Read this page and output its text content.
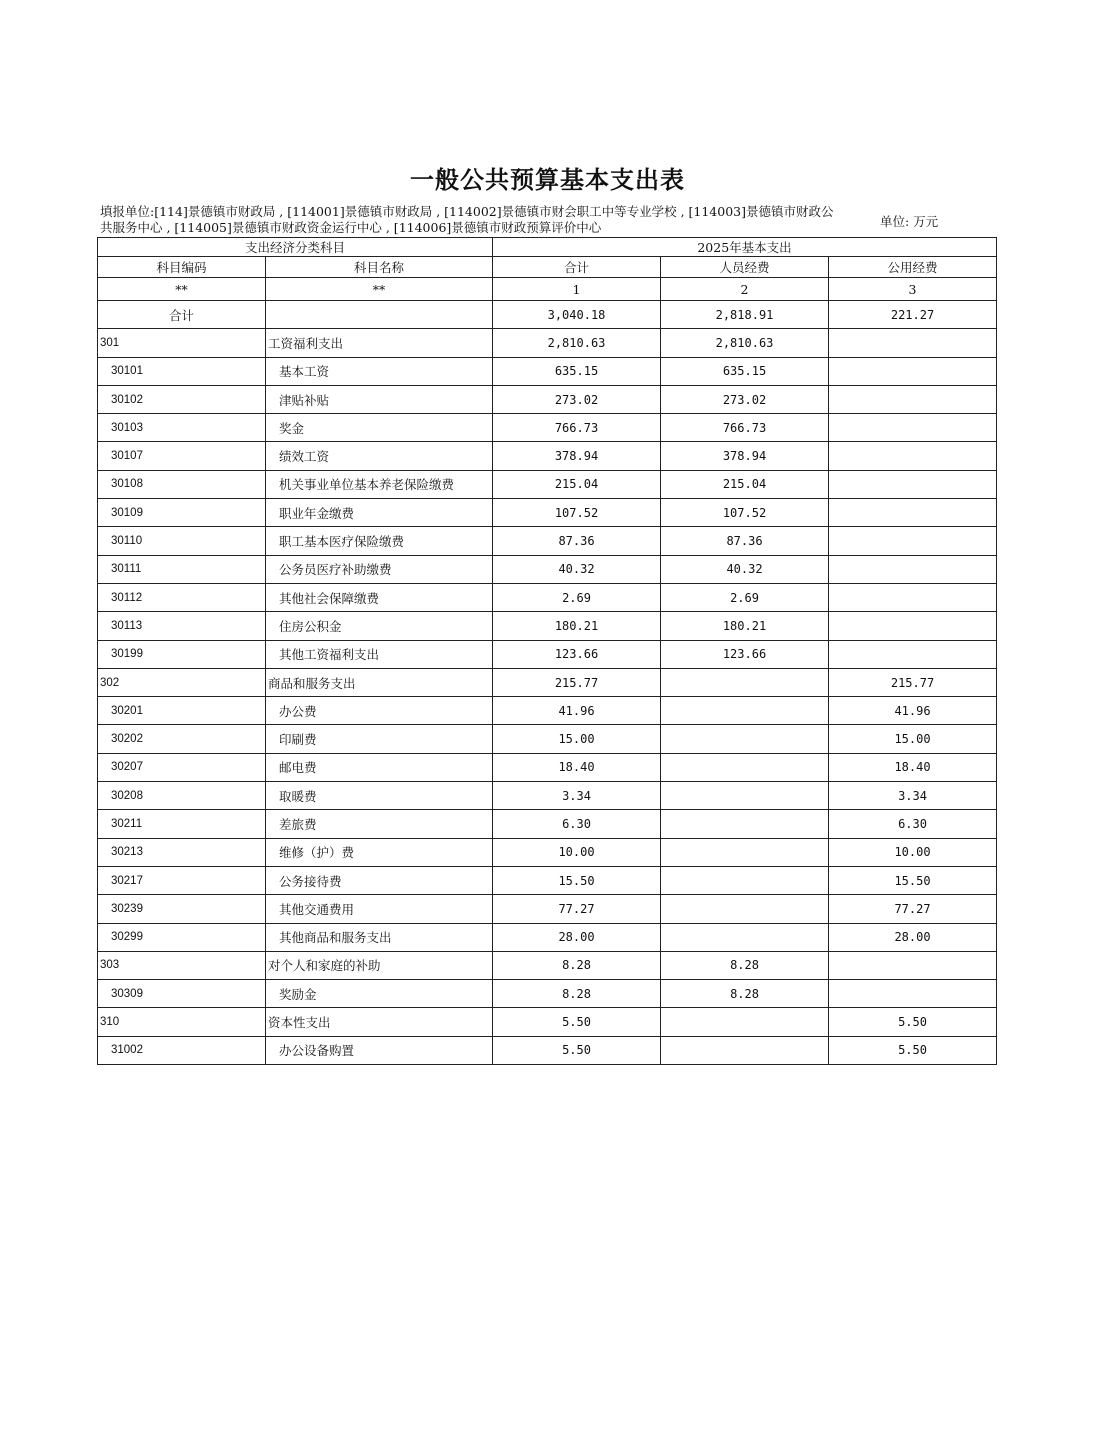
一般公共预算基本支出表
填报单位:[114]景德镇市财政局 , [114001]景德镇市财政局 , [114002]景德镇市财会职工中等专业学校 , [114003]景德镇市财政公共服务中心 , [114005]景德镇市财政资金运行中心 , [114006]景德镇市财政预算评价中心	单位: 万元
支出经济分类科目		2025年基本支出		
科目编码	科目名称	合计	人员经费	公用经费
**	**	1	2	3
合计		3,040.18	2,818.91	221.27
301	工资福利支出	2,810.63	2,810.63	
30101	基本工资	635.15	635.15	
30102	津贴补贴	273.02	273.02	
30103	奖金	766.73	766.73	
30107	绩效工资	378.94	378.94	
30108	机关事业单位基本养老保险缴费	215.04	215.04	
30109	职业年金缴费	107.52	107.52	
30110	职工基本医疗保险缴费	87.36	87.36	
30111	公务员医疗补助缴费	40.32	40.32	
30112	其他社会保障缴费	2.69	2.69	
30113	住房公积金	180.21	180.21	
30199	其他工资福利支出	123.66	123.66	
302	商品和服务支出	215.77		215.77
30201	办公费	41.96		41.96
30202	印刷费	15.00		15.00
30207	邮电费	18.40		18.40
30208	取暖费	3.34		3.34
30211	差旅费	6.30		6.30
30213	维修（护）费	10.00		10.00
30217	公务接待费	15.50		15.50
30239	其他交通费用	77.27		77.27
30299	其他商品和服务支出	28.00		28.00
303	对个人和家庭的补助	8.28	8.28	
30309	奖励金	8.28	8.28	
310	资本性支出	5.50		5.50
31002	办公设备购置	5.50		5.50
